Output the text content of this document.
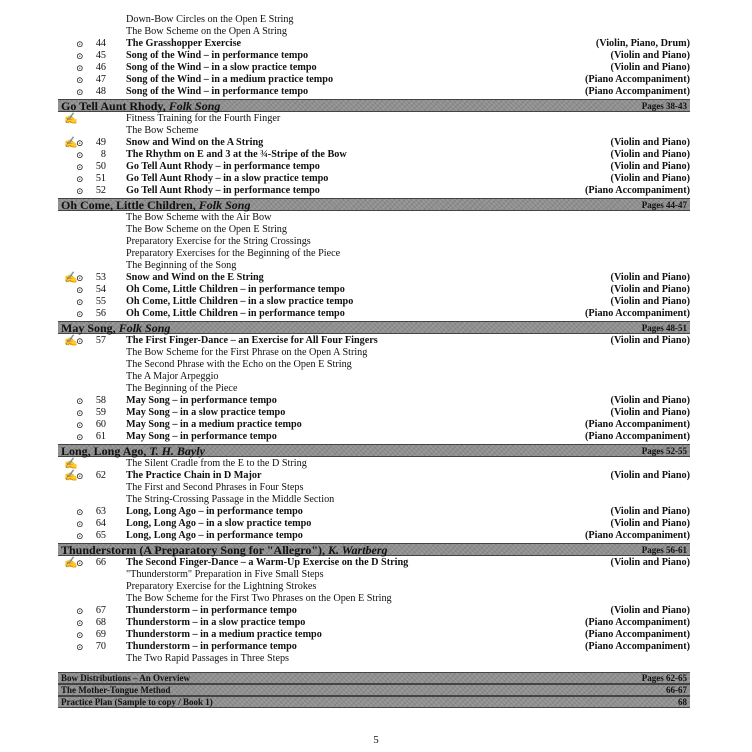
Down-Bow Circles on the Open E String
The Bow Scheme on the Open A String
⊙	44 The Grasshopper Exercise	(Violin, Piano, Drum)
⊙	45 Song of the Wind – in performance tempo	(Violin and Piano)
⊙	46 Song of the Wind – in a slow practice tempo	(Violin and Piano)
⊙	47 Song of the Wind – in a medium practice tempo	(Piano Accompaniment)
⊙	48 Song of the Wind – in performance tempo	(Piano Accompaniment)
Go Tell Aunt Rhody, Folk Song	Pages 38-43
✍	Fitness Training for the Fourth Finger
The Bow Scheme
✍
⊙	49 Snow and Wind on the A String	(Violin and Piano)
⊙	8 The Rhythm on E and 3 at the ¾-Stripe of the Bow	(Violin and Piano)
⊙	50 Go Tell Aunt Rhody – in performance tempo	(Violin and Piano)
⊙	51 Go Tell Aunt Rhody – in a slow practice tempo	(Violin and Piano)
⊙	52 Go Tell Aunt Rhody – in performance tempo	(Piano Accompaniment)
Oh Come, Little Children, Folk Song	Pages 44-47
The Bow Scheme with the Air Bow
The Bow Scheme on the Open E String
Preparatory Exercise for the String Crossings
Preparatory Exercises for the Beginning of the Piece
The Beginning of the Song
✍
⊙	53 Snow and Wind on the E String	(Violin and Piano)
⊙	54 Oh Come, Little Children – in performance tempo	(Violin and Piano)
⊙	55 Oh Come, Little Children – in a slow practice tempo	(Violin and Piano)
⊙	56 Oh Come, Little Children – in performance tempo	(Piano Accompaniment)
May Song, Folk Song	Pages 48-51
✍
⊙	57 The First Finger-Dance – an Exercise for All Four Fingers	(Violin and Piano)
The Bow Scheme for the First Phrase on the Open A String
The Second Phrase with the Echo on the Open E String
The A Major Arpeggio
The Beginning of the Piece
⊙	58 May Song – in performance tempo	(Violin and Piano)
⊙	59 May Song – in a slow practice tempo	(Violin and Piano)
⊙	60 May Song – in a medium practice tempo	(Piano Accompaniment)
⊙	61 May Song – in performance tempo	(Piano Accompaniment)
Long, Long Ago, T. H. Bayly	Pages 52-55
✍	The Silent Cradle from the E to the D String
✍
⊙	62 The Practice Chain in D Major	(Violin and Piano)
The First and Second Phrases in Four Steps
The String-Crossing Passage in the Middle Section
⊙	63 Long, Long Ago – in performance tempo	(Violin and Piano)
⊙	64 Long, Long Ago – in a slow practice tempo	(Violin and Piano)
⊙	65 Long, Long Ago – in performance tempo	(Piano Accompaniment)
Thunderstorm (A Preparatory Song for "Allegro"), K. Wartberg	Pages 56-61
✍
⊙	66 The Second Finger-Dance – a Warm-Up Exercise on the D String	(Violin and Piano)
"Thunderstorm" Preparation in Five Small Steps
Preparatory Exercise for the Lightning Strokes
The Bow Scheme for the First Two Phrases on the Open E String
⊙	67 Thunderstorm – in performance tempo	(Violin and Piano)
⊙	68 Thunderstorm – in a slow practice tempo	(Piano Accompaniment)
⊙	69 Thunderstorm – in a medium practice tempo	(Piano Accompaniment)
⊙	70 Thunderstorm – in performance tempo	(Piano Accompaniment)
The Two Rapid Passages in Three Steps
Bow Distributions – An Overview	Pages 62-65
The Mother-Tongue Method	66-67
Practice Plan (Sample to copy / Book 1)	68
5
